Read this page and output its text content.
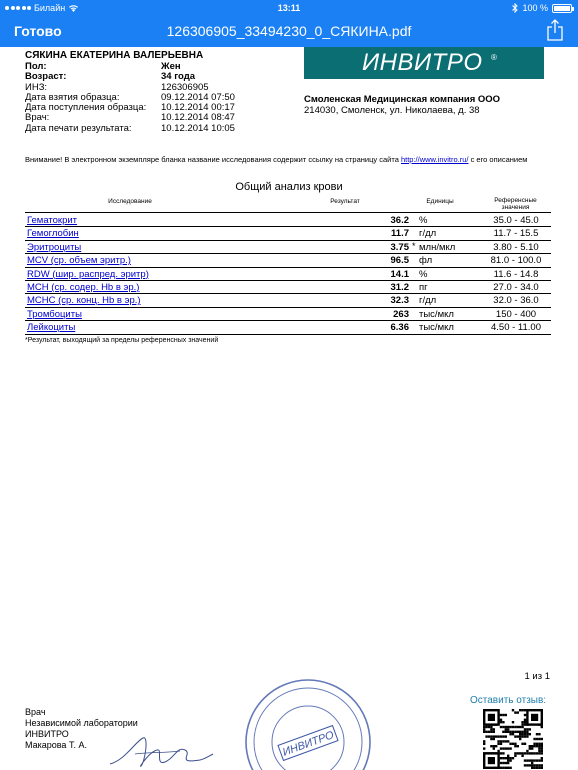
Билайн	13:11	100 %
Готово	126306905_33494230_0_СЯКИНА.pdf
СЯКИНА ЕКАТЕРИНА ВАЛЕРЬЕВНА
Пол:	Жен
Возраст:	34 года
ИНЗ:	126306905
Дата взятия образца:	09.12.2014 07:50
Дата поступления образца:	10.12.2014 00:17
Врач:	10.12.2014 08:47
Дата печати результата:	10.12.2014 10:05
ИНВИТРО ®
Смоленская Медицинская компания ООО
214030, Смоленск, ул. Николаева, д. 38
Внимание! В электронном экземпляре бланка название исследования содержит ссылку на страницу сайта http://www.invitro.ru/ с его описанием
Общий анализ крови
Исследование	Результат	Единицы	Референсные
значения
Гематокрит	36.2 %	35.0 - 45.0
Гемоглобин	11.7 г/дл	11.7 - 15.5
Эритроциты	3.75 * млн/мкл	3.80 - 5.10
MCV (ср. объем эритр.)	96.5 фл	81.0 - 100.0
RDW (шир. распред. эритр)	14.1 %	11.6 - 14.8
MCH (ср. содер. Hb в эр.)	31.2 пг	27.0 - 34.0
MCHC (ср. конц. Hb в эр.)	32.3 г/дл	32.0 - 36.0
Тромбоциты	263 тыс/мкл	150 - 400
Лейкоциты	6.36 тыс/мкл	4.50 - 11.00
*Результат, выходящий за пределы референсных значений
1 из 1
Врач
Независимой лаборатории
ИНВИТРО
Макарова Т. А.	ИНВИТРО
Оставить отзыв:
